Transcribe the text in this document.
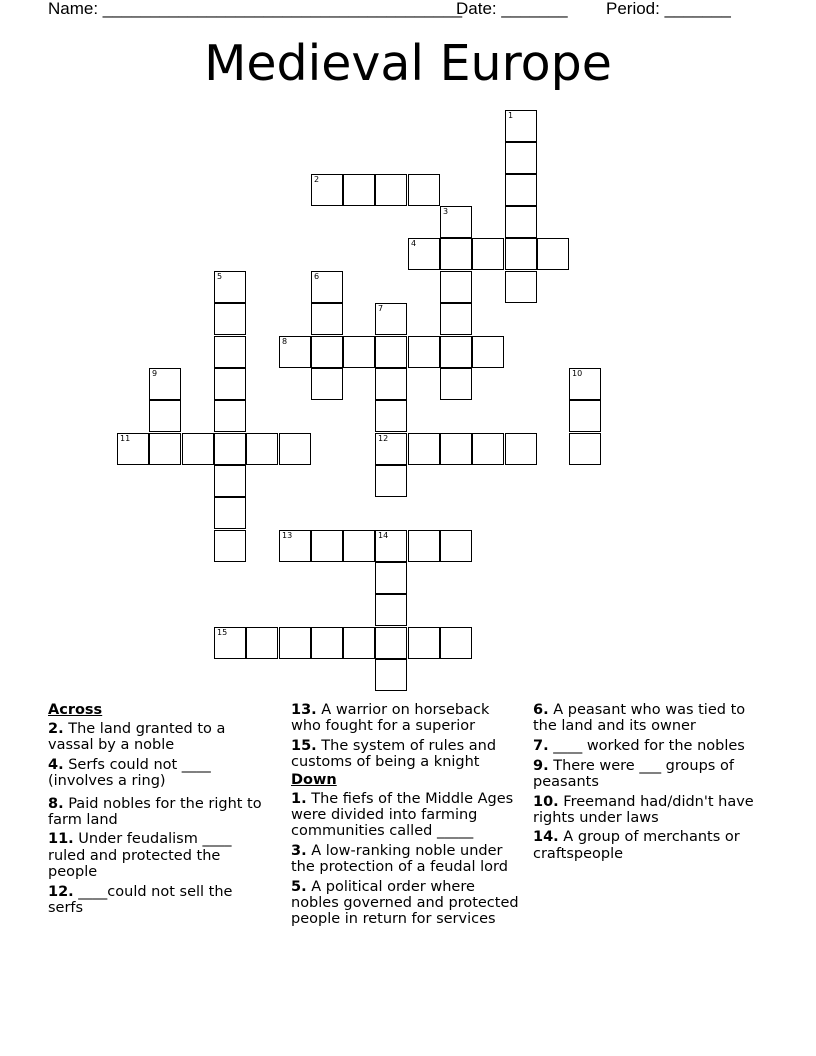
Name: ______________________________________
Date: _______ Period: _______
Medieval Europe
1
2
3
4
5	6
7
8
9	10
11	12
13	14
15
Across
2. The land granted to a vassal by a noble
4. Serfs could not ____ (involves a ring)
8. Paid nobles for the right to farm land
11. Under feudalism ____ ruled and protected the people
12. ____could not sell the serfs
13. A warrior on horseback who fought for a superior
15. The system of rules and customs of being a knight
Down
1. The fiefs of the Middle Ages were divided into farming communities called _____
3. A low-ranking noble under the protection of a feudal lord
5. A political order where nobles governed and protected people in return for services
6. A peasant who was tied to the land and its owner
7. ____ worked for the nobles
9. There were ___ groups of peasants
10. Freemand had/didn't have rights under laws
14. A group of merchants or craftspeople
